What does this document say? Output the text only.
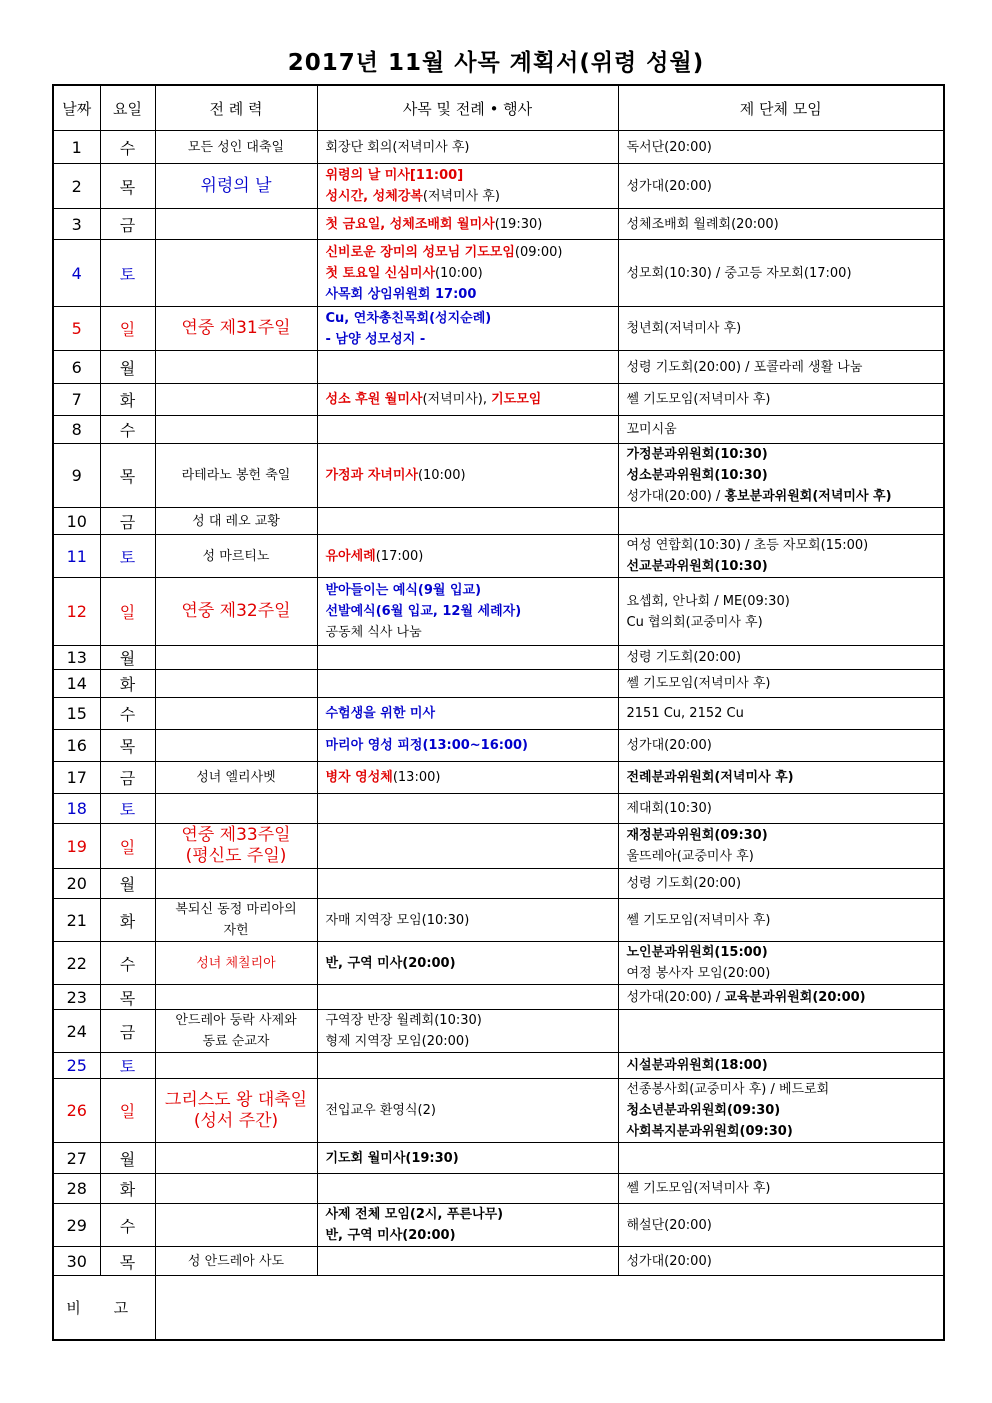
2017년 11월 사목 계획서(위령 성월)
날짜	요일	전 례 력	사목 및 전례 • 행사	제 단체 모임
1	수	모든 성인 대축일	회장단 회의(저녁미사 후)	독서단(20:00)

2	목	위령의 날	위령의 날 미사[11:00]
성시간, 성체강복(저녁미사 후)	성가대(20:00)

3	금		첫 금요일, 성체조배회 월미사(19:30)	성체조배회 월례회(20:00)

4	토		신비로운 장미의 성모님 기도모임(09:00)
첫 토요일 신심미사(10:00)
사목회 상임위원회 17:00	성모회(10:30) / 중고등 자모회(17:00)

5	일	연중 제31주일	Cu, 연차총친목회(성지순례)
- 남양 성모성지 -	청년회(저녁미사 후)

6	월			성령 기도회(20:00) / 포콜라레 생활 나눔

7	화		성소 후원 월미사(저녁미사), 기도모임	쎌 기도모임(저녁미사 후)

8	수			꼬미시움

9	목	라테라노 봉헌 축일	가정과 자녀미사(10:00)	가정분과위원회(10:30)
성소분과위원회(10:30)
성가대(20:00) / 홍보분과위원회(저녁미사 후)

10	금	성 대 레오 교황		

11	토	성 마르티노	유아세례(17:00)	여성 연합회(10:30) / 초등 자모회(15:00)
선교분과위원회(10:30)

12	일	연중 제32주일	받아들이는 예식(9월 입교)
선발예식(6월 입교, 12월 세례자)
공동체 식사 나눔	요셉회, 안나회 / ME(09:30)
Cu 협의회(교중미사 후)

13	월			성령 기도회(20:00)

14	화			쎌 기도모임(저녁미사 후)

15	수		수험생을 위한 미사	2151 Cu, 2152 Cu

16	목		마리아 영성 피정(13:00~16:00)	성가대(20:00)

17	금	성녀 엘리사벳	병자 영성체(13:00)	전례분과위원회(저녁미사 후)

18	토			제대회(10:30)

19	일	연중 제33주일
(평신도 주일)		재정분과위원회(09:30)
울뜨레아(교중미사 후)

20	월			성령 기도회(20:00)

21	화	복되신 동정 마리아의
자헌	자매 지역장 모임(10:30)	쎌 기도모임(저녁미사 후)

22	수	성녀 체칠리아	반, 구역 미사(20:00)	노인분과위원회(15:00)
여정 봉사자 모임(20:00)

23	목			성가대(20:00) / 교육분과위원회(20:00)

24	금	안드레아 둥락 사제와
동료 순교자	구역장 반장 월례회(10:30)
형제 지역장 모임(20:00)	

25	토			시설분과위원회(18:00)

26	일	그리스도 왕 대축일
(성서 주간)	전입교우 환영식(2)	선종봉사회(교중미사 후) / 베드로회
청소년분과위원회(09:30)
사회복지분과위원회(09:30)

27	월		기도회 월미사(19:30)	

28	화			쎌 기도모임(저녁미사 후)

29	수		사제 전체 모임(2시, 푸른나무)
반, 구역 미사(20:00)	해설단(20:00)

30	목	성 안드레아 사도		성가대(20:00)

비 고				
